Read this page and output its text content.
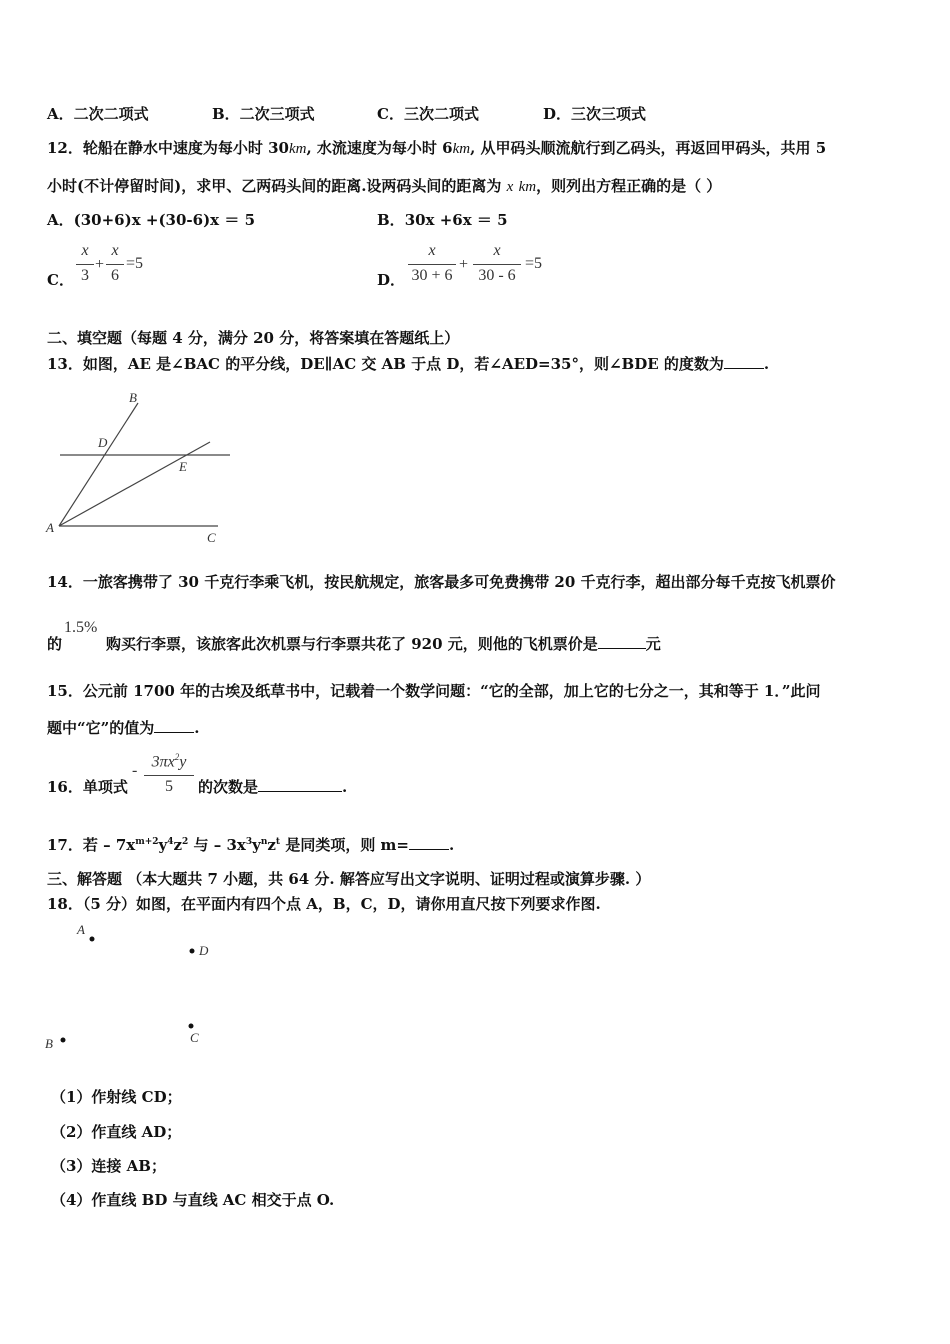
A．二次二项式	B．二次三项式	C．三次二项式	D．三次三项式
12．轮船在静水中速度为每小时 30km, 水流速度为每小时 6km, 从甲码头顺流航行到乙码头，再返回甲码头，共用 5
小时(不计停留时间)，求甲、乙两码头间的距离.设两码头间的距离为 x km，则列出方程正确的是（ ）
A．(30+6)x +(30-6)x ＝ 5	B．30x +6x ＝ 5
C．
x
3
+
x
6
=5
D．
x
30 + 6
+
x
30 - 6
=5
二、填空题（每题 4 分，满分 20 分，将答案填在答题纸上）
13．如图，AE 是∠BAC 的平分线，DE∥AC 交 AB 于点 D，若∠AED=35°，则∠BDE 的度数为	.
A
B
C
D
E
14．一旅客携带了 30 千克行李乘飞机，按民航规定，旅客最多可免费携带 20 千克行李，超出部分每千克按飞机票价
的
1.5%
购买行李票，该旅客此次机票与行李票共花了 920 元，则他的飞机票价是	元
15．公元前 1700 年的古埃及纸草书中，记载着一个数学问题：“它的全部，加上它的七分之一，其和等于 1．”此问
题中“它”的值为	.
16．单项式
-
$3\pi x^2y$
5	的次数是	.
17．若 – $7x^{m+2}y^4z^2$ 与 – $3x^3y^nz^t$ 是同类项，则 m=	.
三、解答题 （本大题共 7 小题，共 64 分. 解答应写出文字说明、证明过程或演算步骤. ）
18．（5 分）如图，在平面内有四个点 A，B，C，D，请你用直尺按下列要求作图.
A
D
C
B
（1）作射线 CD；
（2）作直线 AD；
（3）连接 AB；
（4）作直线 BD 与直线 AC 相交于点 O.
